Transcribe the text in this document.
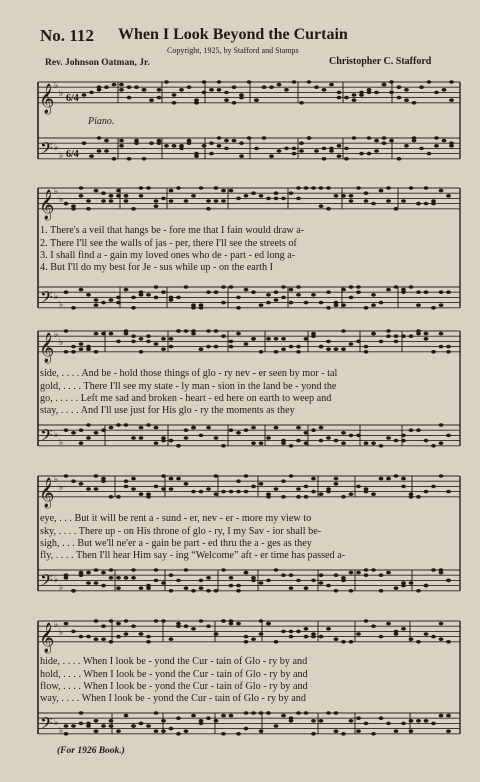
No. 112 When I Look Beyond the Curtain
Copyright, 1925, by Stafford and Stamps
Rev. Johnson Oatman, Jr.	Christopher C. Stafford
𝄞
𝄢
♭
♭
♭
♭
𝄞
𝄢
♭
♭
♭
♭
𝄞
𝄢
♭
♭
♭
♭
𝄞
𝄢
♭
♭
♭
♭
𝄞
𝄢
♭
♭
♭
♭
Piano.
6/4
6/4
1. There's a veil that hangs be - fore me that I fain would draw a-
2. There I'll see the walls of jas - per, there I'll see the streets of
3. I shall find a - gain my loved ones who de - part - ed long a-
4. But I'll do my best for Je - sus while up - on the earth I
side, . . . . And be - hold those things of glo - ry nev - er seen by mor - tal
gold, . . . . There I'll see my state - ly man - sion in the land be - yond the
go, . . . . . Left me sad and broken - heart - ed here on earth to weep and
stay, . . . . And I'll use just for His glo - ry the moments as they
eye, . . . But it will be rent a - sund - er, nev - er - more my view to
sky, . . . . There up - on His throne of glo - ry, I my Sav - ior shall be-
sigh, . . . But we'll ne'er a - gain be part - ed thru the a - ges as they
fly, . . . . Then I'll hear Him say - ing “Welcome” aft - er time has passed a-
hide, . . . . When I look be - yond the Cur - tain of Glo - ry by and
hold, . . . . When I look be - yond the Cur - tain of Glo - ry by and
flow, . . . . When I look be - yond the Cur - tain of Glo - ry by and
way, . . . . When I look be - yond the Cur - tain of Glo - ry by and
(For 1926 Book.)
